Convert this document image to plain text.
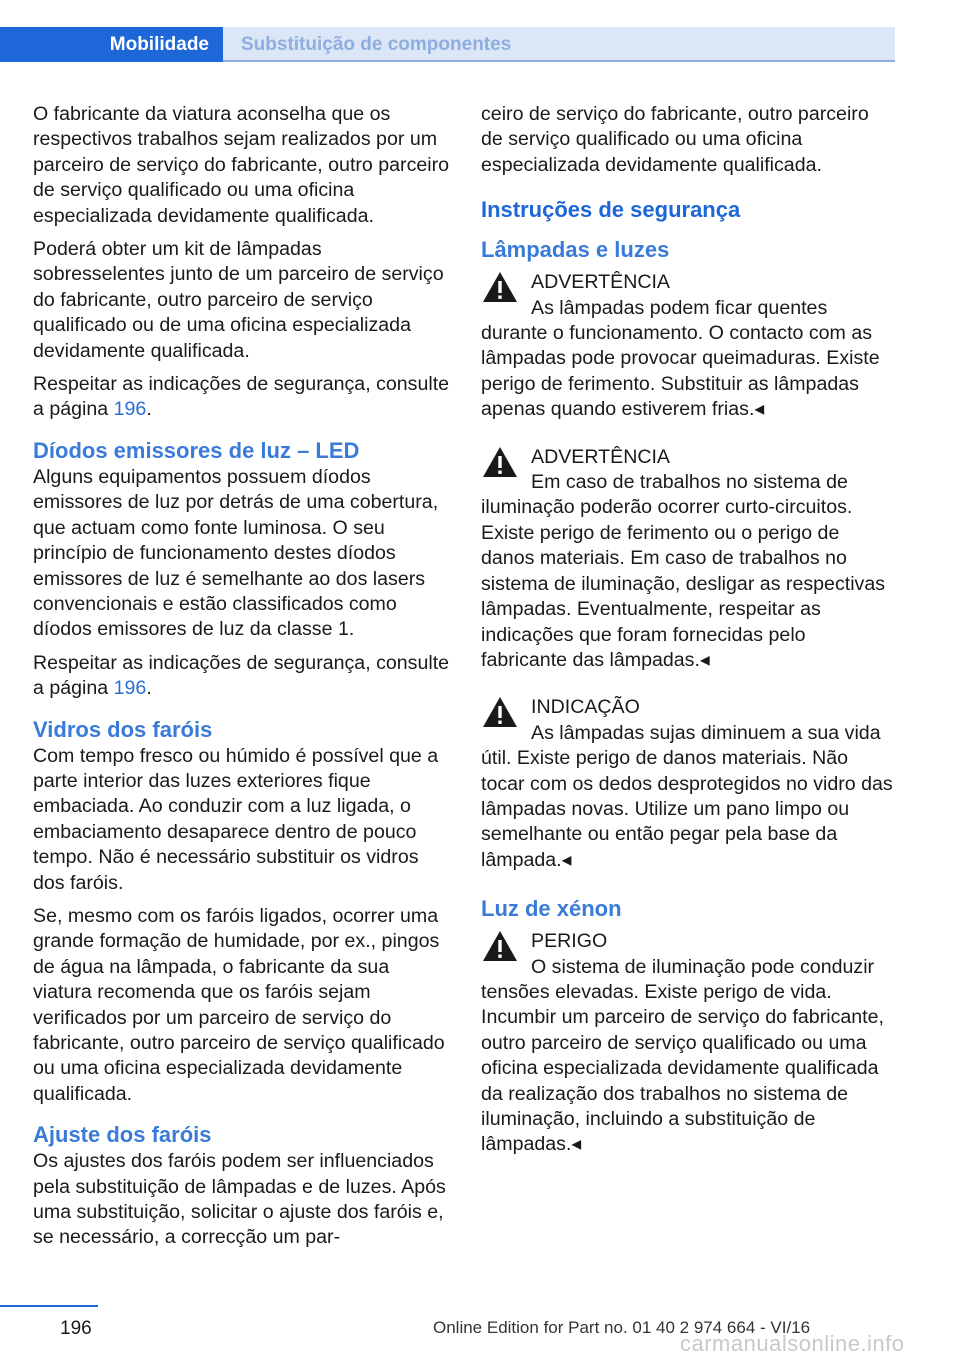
Mobilidade	Substituição de componentes

O fabricante da viatura aconselha que os respectivos trabalhos sejam realizados por um parceiro de serviço do fabricante, outro parceiro de serviço qualificado ou uma oficina especializada devidamente qualificada.

Poderá obter um kit de lâmpadas sobresselentes junto de um parceiro de serviço do fabricante, outro parceiro de serviço qualificado ou de uma oficina especializada devidamente qualificada.

Respeitar as indicações de segurança, consulte a página 196.

Díodos emissores de luz – LED

Alguns equipamentos possuem díodos emissores de luz por detrás de uma cobertura, que actuam como fonte luminosa. O seu princípio de funcionamento destes díodos emissores de luz é semelhante ao dos lasers convencionais e estão classificados como díodos emissores de luz da classe 1.

Respeitar as indicações de segurança, consulte a página 196.

Vidros dos faróis

Com tempo fresco ou húmido é possível que a parte interior das luzes exteriores fique embaciada. Ao conduzir com a luz ligada, o embaciamento desaparece dentro de pouco tempo. Não é necessário substituir os vidros dos faróis.

Se, mesmo com os faróis ligados, ocorrer uma grande formação de humidade, por ex., pingos de água na lâmpada, o fabricante da sua viatura recomenda que os faróis sejam verificados por um parceiro de serviço do fabricante, outro parceiro de serviço qualificado ou uma oficina especializada devidamente qualificada.

Ajuste dos faróis

Os ajustes dos faróis podem ser influenciados pela substituição de lâmpadas e de luzes. Após uma substituição, solicitar o ajuste dos faróis e, se necessário, a correcção um par-

ceiro de serviço do fabricante, outro parceiro de serviço qualificado ou uma oficina especializada devidamente qualificada.

Instruções de segurança
Lâmpadas e luzes
ADVERTÊNCIA
As lâmpadas podem ficar quentes durante o funcionamento. O contacto com as lâmpadas pode provocar queimaduras. Existe perigo de ferimento. Substituir as lâmpadas apenas quando estiverem frias.◂
ADVERTÊNCIA
Em caso de trabalhos no sistema de iluminação poderão ocorrer curto-circuitos. Existe perigo de ferimento ou o perigo de danos materiais. Em caso de trabalhos no sistema de iluminação, desligar as respectivas lâmpadas. Eventualmente, respeitar as indicações que foram fornecidas pelo fabricante das lâmpadas.◂
INDICAÇÃO
As lâmpadas sujas diminuem a sua vida útil. Existe perigo de danos materiais. Não tocar com os dedos desprotegidos no vidro das lâmpadas novas. Utilize um pano limpo ou semelhante ou então pegar pela base da lâmpada.◂
Luz de xénon
PERIGO
O sistema de iluminação pode conduzir tensões elevadas. Existe perigo de vida. Incumbir um parceiro de serviço do fabricante, outro parceiro de serviço qualificado ou uma oficina especializada devidamente qualificada da realização dos trabalhos no sistema de iluminação, incluindo a substituição de lâmpadas.◂
196	Online Edition for Part no. 01 40 2 974 664 - VI/16
carmanualsonline.info
